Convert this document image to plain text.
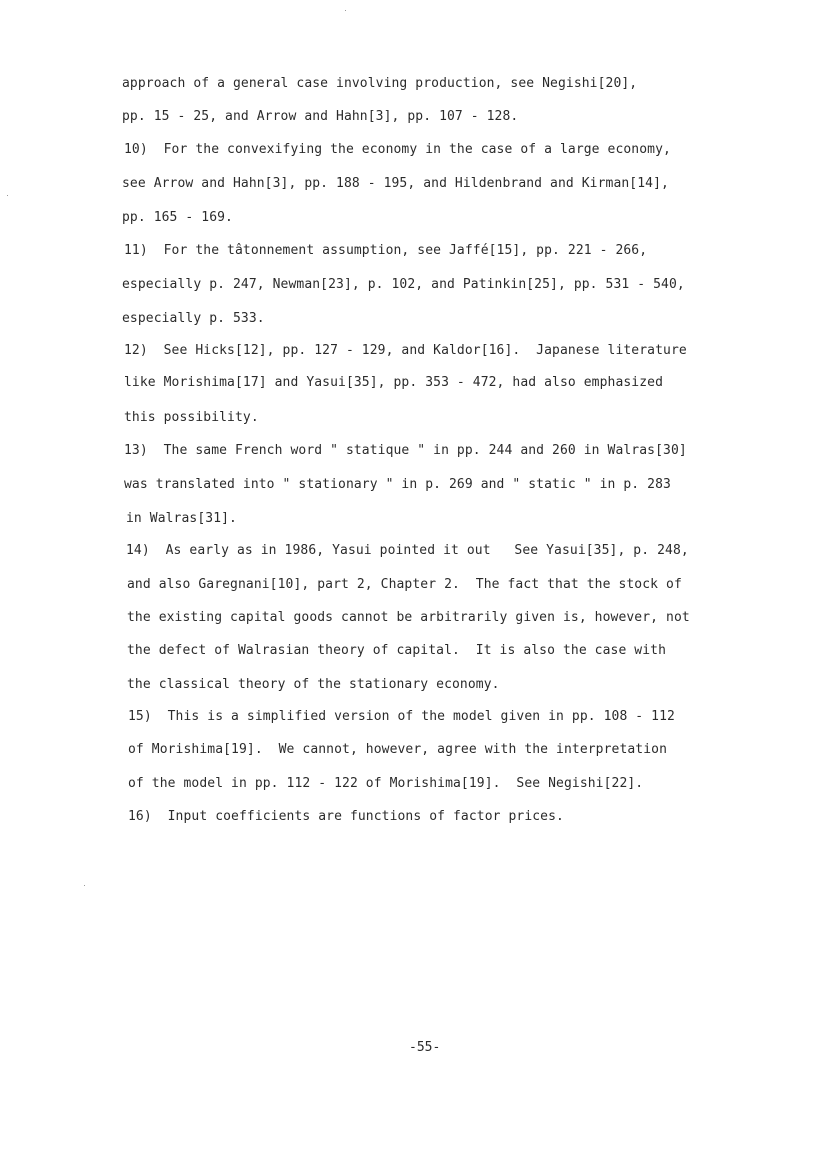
approach of a general case involving production, see Negishi[20],
pp. 15 - 25, and Arrow and Hahn[3], pp. 107 - 128.
10)  For the convexifying the economy in the case of a large economy,
see Arrow and Hahn[3], pp. 188 - 195, and Hildenbrand and Kirman[14],
pp. 165 - 169.
11)  For the tâtonnement assumption, see Jaffé[15], pp. 221 - 266,
especially p. 247, Newman[23], p. 102, and Patinkin[25], pp. 531 - 540,
especially p. 533.
12)  See Hicks[12], pp. 127 - 129, and Kaldor[16].  Japanese literature
like Morishima[17] and Yasui[35], pp. 353 - 472, had also emphasized
this possibility.
13)  The same French word " statique " in pp. 244 and 260 in Walras[30]
was translated into " stationary " in p. 269 and " static " in p. 283
in Walras[31].
14)  As early as in 1986, Yasui pointed it out   See Yasui[35], p. 248,
and also Garegnani[10], part 2, Chapter 2.  The fact that the stock of
the existing capital goods cannot be arbitrarily given is, however, not
the defect of Walrasian theory of capital.  It is also the case with
the classical theory of the stationary economy.
15)  This is a simplified version of the model given in pp. 108 - 112
of Morishima[19].  We cannot, however, agree with the interpretation
of the model in pp. 112 - 122 of Morishima[19].  See Negishi[22].
16)  Input coefficients are functions of factor prices.
-55-
